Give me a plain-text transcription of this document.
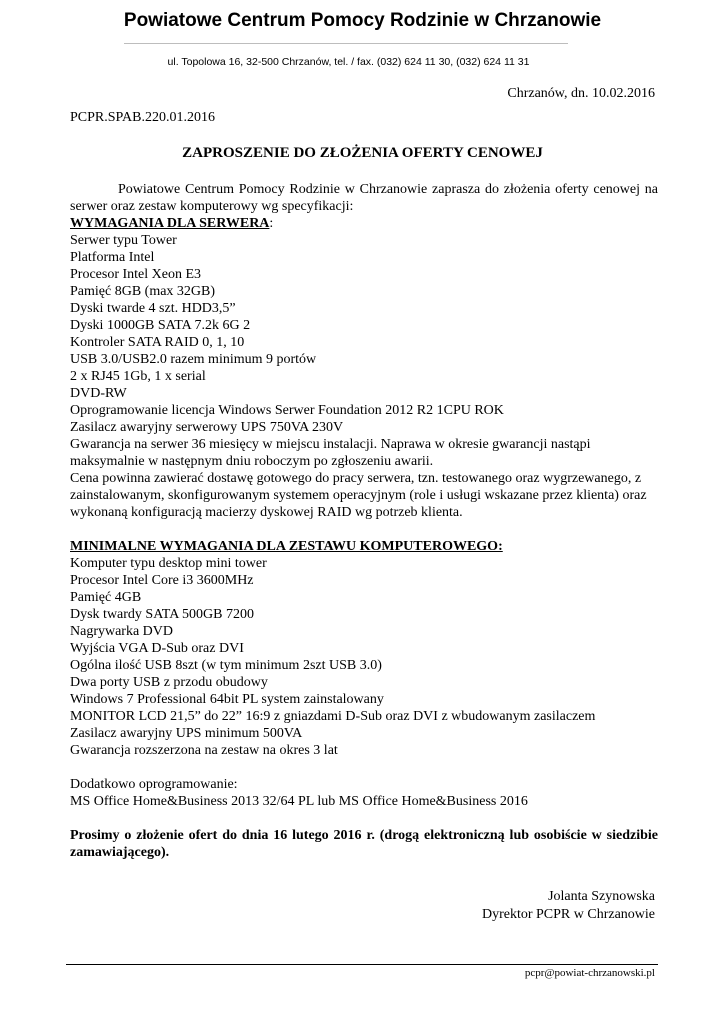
Powiatowe Centrum Pomocy Rodzinie w Chrzanowie
ul. Topolowa 16, 32-500 Chrzanów, tel. / fax. (032) 624 11 30, (032) 624 11 31
Chrzanów, dn. 10.02.2016
PCPR.SPAB.220.01.2016
ZAPROSZENIE DO ZŁOŻENIA OFERTY CENOWEJ

Powiatowe Centrum Pomocy Rodzinie w Chrzanowie zaprasza do złożenia oferty cenowej na serwer oraz zestaw komputerowy wg specyfikacji:

WYMAGANIA DLA SERWERA:

Serwer typu Tower

Platforma Intel

Procesor Intel Xeon E3

Pamięć 8GB (max 32GB)

Dyski twarde 4 szt. HDD3,5”

Dyski 1000GB SATA 7.2k 6G 2

Kontroler SATA RAID 0, 1, 10

USB 3.0/USB2.0 razem minimum 9 portów

2 x RJ45 1Gb, 1 x serial

DVD-RW

Oprogramowanie licencja Windows Serwer Foundation 2012 R2 1CPU ROK

Zasilacz awaryjny serwerowy UPS 750VA 230V

Gwarancja na serwer 36 miesięcy w miejscu instalacji. Naprawa w okresie gwarancji nastąpi maksymalnie w następnym dniu roboczym po zgłoszeniu awarii.

Cena powinna zawierać dostawę gotowego do pracy serwera, tzn. testowanego oraz wygrzewanego, z zainstalowanym, skonfigurowanym systemem operacyjnym (role i usługi wskazane przez klienta) oraz wykonaną konfiguracją macierzy dyskowej RAID wg potrzeb klienta.

MINIMALNE WYMAGANIA DLA ZESTAWU KOMPUTEROWEGO:

Komputer typu desktop mini tower

Procesor Intel Core i3 3600MHz

Pamięć 4GB

Dysk twardy SATA 500GB 7200

Nagrywarka DVD

Wyjścia VGA D-Sub oraz DVI

Ogólna ilość USB 8szt (w tym minimum 2szt USB 3.0)

Dwa porty USB z przodu obudowy

Windows 7 Professional 64bit PL system zainstalowany

MONITOR LCD 21,5” do 22” 16:9 z gniazdami D-Sub oraz DVI z wbudowanym zasilaczem

Zasilacz awaryjny UPS minimum 500VA

Gwarancja rozszerzona na zestaw na okres 3 lat

Dodatkowo oprogramowanie:

MS Office Home&Business 2013 32/64 PL lub MS Office Home&Business 2016

Prosimy o złożenie ofert do dnia 16 lutego 2016 r. (drogą elektroniczną lub osobiście w siedzibie zamawiającego).

Jolanta Szynowska

Dyrektor PCPR w Chrzanowie

pcpr@powiat-chrzanowski.pl
